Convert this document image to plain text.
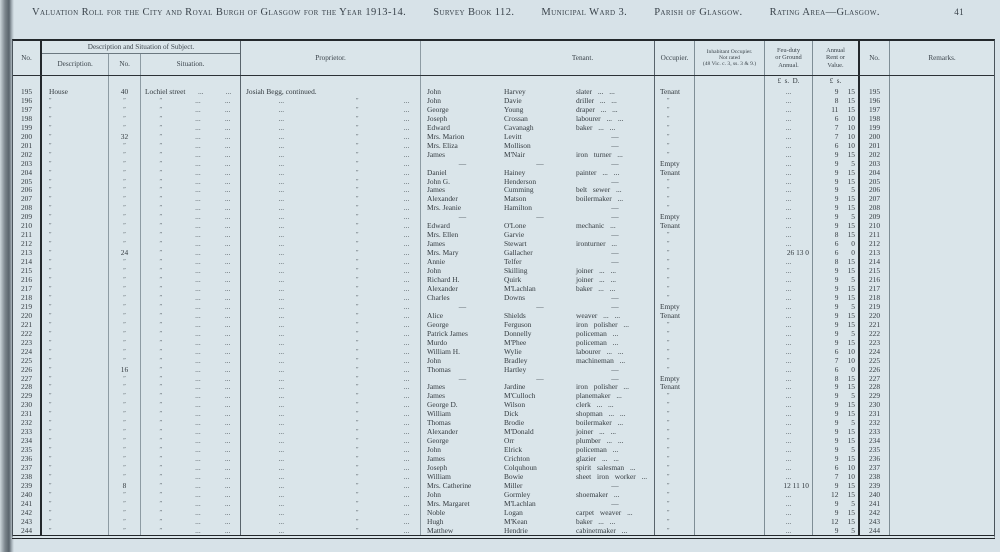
Valuation Roll for the City and Royal Burgh of Glasgow for the Year 1913-14.	Survey Book 112.	Municipal Ward 3.	Parish of Glasgow.	Rating Area—Glasgow.	41
No.
Description and Situation of Subject.
Description.	No.	Situation.
Proprietor.	Tenant.	Occupier.
Inhabitant Occupier.
Not rated
(48 Vic. c. 3, ss. 3 & 9.)
Feu-duty
or Ground
Annual.
Annual
Rent or
Value.
No.	Remarks.
£  s.  D.	£  s.
195	House	40	Lochiel street	...	...	Josiah Begg, continued.	John	Harvey	slater ... ...	Tenant	...	9	15	195
196	″	″	″	...	...	...	″	...	John	Davie	driller ... ...	″	...	8	15	196
197	″	″	″	...	...	...	″	...	George	Young	draper ... ...	″	...	11	15	197
198	″	″	″	...	...	...	″	...	Joseph	Crossan	labourer ... ...	″	...	6	10	198
199	″	″	″	...	...	...	″	...	Edward	Cavanagh	baker ... ...	″	...	7	10	199
200	″	32	″	...	...	...	″	...	Mrs. Marion	Levitt	—	″	...	7	10	200
201	″	″	″	...	...	...	″	...	Mrs. Eliza	Mollison	—	″	...	6	10	201
202	″	″	″	...	...	...	″	...	James	M'Nair	iron turner ...	″	...	9	15	202
203	″	″	″	...	...	...	″	...	—	—	—	Empty	...	9	5	203
204	″	″	″	...	...	...	″	...	Daniel	Hainey	painter ... ...	Tenant	...	9	15	204
205	″	″	″	...	...	...	″	...	John G.	Henderson	—	″	...	9	15	205
206	″	″	″	...	...	...	″	...	James	Cumming	belt sewer ...	″	...	9	5	206
207	″	″	″	...	...	...	″	...	Alexander	Matson	boilermaker ...	″	...	9	15	207
208	″	″	″	...	...	...	″	...	Mrs. Jeanie	Hamilton	—	″	...	9	15	208
209	″	″	″	...	...	...	″	...	—	—	—	Empty	...	9	5	209
210	″	″	″	...	...	...	″	...	Edward	O'Lone	mechanic ...	Tenant	...	9	15	210
211	″	″	″	...	...	...	″	...	Mrs. Ellen	Garvie	—	″	...	8	15	211
212	″	″	″	...	...	...	″	...	James	Stewart	ironturner ...	″	...	6	0	212
213	″	24	″	...	...	...	″	...	Mrs. Mary	Gallacher	—	″	26 13 0	6	0	213
214	″	″	″	...	...	...	″	...	Annie	Telfer	—	″	...	8	15	214
215	″	″	″	...	...	...	″	...	John	Skilling	joiner ... ...	″	...	9	15	215
216	″	″	″	...	...	...	″	...	Richard H.	Quirk	joiner ... ...	″	...	9	5	216
217	″	″	″	...	...	...	″	...	Alexander	M'Lachlan	baker ... ...	″	...	9	15	217
218	″	″	″	...	...	...	″	...	Charles	Downs	—	″	...	9	15	218
219	″	″	″	...	...	...	″	...	—	—	—	Empty	...	9	5	219
220	″	″	″	...	...	...	″	...	Alice	Shields	weaver ... ...	Tenant	...	9	15	220
221	″	″	″	...	...	...	″	...	George	Ferguson	iron polisher ...	″	...	9	15	221
222	″	″	″	...	...	...	″	...	Patrick James	Donnelly	policeman ...	″	...	9	5	222
223	″	″	″	...	...	...	″	...	Murdo	M'Phee	policeman ...	″	...	9	15	223
224	″	″	″	...	...	...	″	...	William H.	Wylie	labourer ... ...	″	...	6	10	224
225	″	″	″	...	...	...	″	...	John	Bradley	machineman ...	″	...	7	10	225
226	″	16	″	...	...	...	″	...	Thomas	Hartley	—	″	...	6	0	226
227	″	″	″	...	...	...	″	...	—	—	—	Empty	...	8	15	227
228	″	″	″	...	...	...	″	...	James	Jardine	iron polisher ...	Tenant	...	9	15	228
229	″	″	″	...	...	...	″	...	James	M'Culloch	planemaker ...	″	...	9	5	229
230	″	″	″	...	...	...	″	...	George D.	Wilson	clerk ... ...	″	...	9	15	230
231	″	″	″	...	...	...	″	...	William	Dick	shopman ... ...	″	...	9	15	231
232	″	″	″	...	...	...	″	...	Thomas	Brodie	boilermaker ...	″	...	9	5	232
233	″	″	″	...	...	...	″	...	Alexander	M'Donald	joiner ... ...	″	...	9	15	233
234	″	″	″	...	...	...	″	...	George	Orr	plumber ... ...	″	...	9	15	234
235	″	″	″	...	...	...	″	...	John	Elrick	policeman ...	″	...	9	5	235
236	″	″	″	...	...	...	″	...	James	Crichton	glazier ... ...	″	...	9	15	236
237	″	″	″	...	...	...	″	...	Joseph	Colquhoun	spirit salesman ...	″	...	6	10	237
238	″	″	″	...	...	...	″	...	William	Bowie	sheet iron worker ...	″	...	7	10	238
239	″	8	″	...	...	...	″	...	Mrs. Catherine	Miller	—	″	12 11 10	9	15	239
240	″	″	″	...	...	...	″	...	John	Gormley	shoemaker ...	″	...	12	15	240
241	″	″	″	...	...	...	″	...	Mrs. Margaret	M'Lachlan	—	″	...	9	5	241
242	″	″	″	...	...	...	″	...	Noble	Logan	carpet weaver ...	″	...	9	15	242
243	″	″	″	...	...	...	″	...	Hugh	M'Kean	baker ... ...	″	...	12	15	243
244	″	″	″	...	...	...	″	...	Matthew	Hendrie	cabinetmaker ...	″	...	9	5	244
